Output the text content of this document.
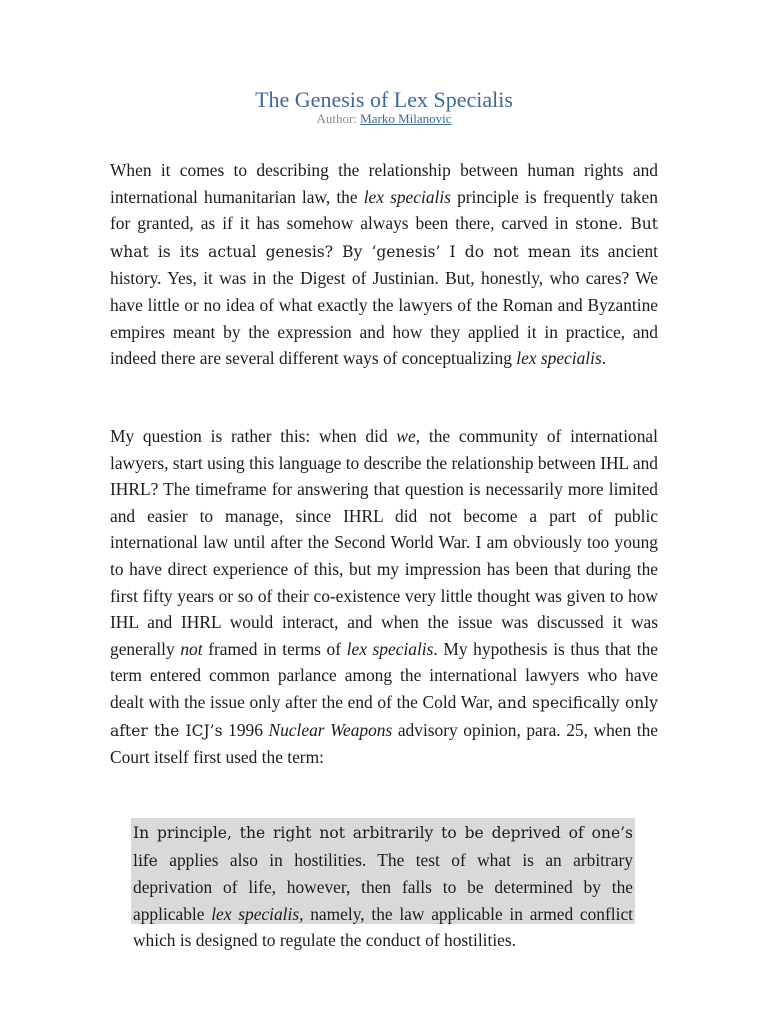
The Genesis of Lex Specialis
Author: Marko Milanovic

When it comes to describing the relationship between human rights and international humanitarian law, the lex specialis principle is frequently taken for granted, as if it has somehow always been there, carved in stone. But what is its actual genesis? By ‘genesis’ I do not mean its ancient history. Yes, it was in the Digest of Justinian. But, honestly, who cares? We have little or no idea of what exactly the lawyers of the Roman and Byzantine empires meant by the expression and how they applied it in practice, and indeed there are several different ways of conceptualizing lex specialis.

My question is rather this: when did we, the community of international lawyers, start using this language to describe the relationship between IHL and IHRL? The timeframe for answering that question is necessarily more limited and easier to manage, since IHRL did not become a part of public international law until after the Second World War. I am obviously too young to have direct experience of this, but my impression has been that during the first fifty years or so of their co-existence very little thought was given to how IHL and IHRL would interact, and when the issue was discussed it was generally not framed in terms of lex specialis. My hypothesis is thus that the term entered common parlance among the international lawyers who have dealt with the issue only after the end of the Cold War, and specifically only after the ICJ’s 1996 Nuclear Weapons advisory opinion, para. 25, when the Court itself first used the term:

In principle, the right not arbitrarily to be deprived of one’s life applies also in hostilities. The test of what is an arbitrary deprivation of life, however, then falls to be determined by the applicable lex specialis, namely, the law applicable in armed conflict which is designed to regulate the conduct of hostilities.
